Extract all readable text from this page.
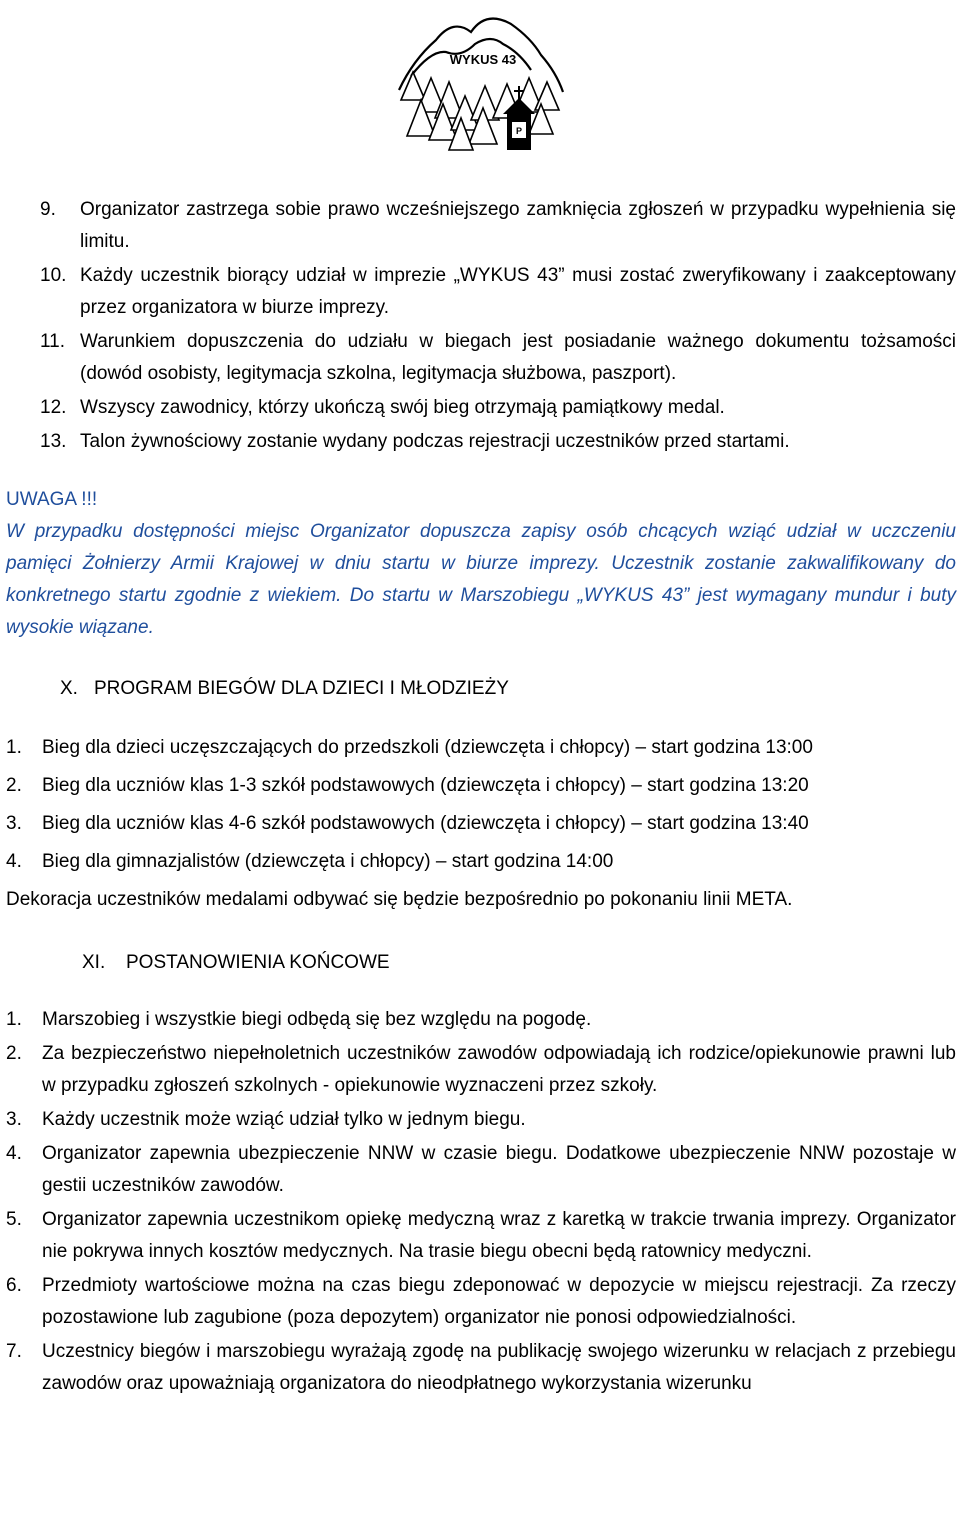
P
WYKUS 43
9. Organizator zastrzega sobie prawo wcześniejszego zamknięcia zgłoszeń w przypadku wypełnienia się limitu.
10. Każdy uczestnik biorący udział w imprezie „WYKUS 43” musi zostać zweryfikowany i zaakceptowany przez organizatora w biurze imprezy.
11. Warunkiem dopuszczenia do udziału w biegach jest posiadanie ważnego dokumentu tożsamości (dowód osobisty, legitymacja szkolna, legitymacja służbowa, paszport).
12. Wszyscy zawodnicy, którzy ukończą swój bieg otrzymają pamiątkowy medal.
13. Talon żywnościowy zostanie wydany podczas rejestracji uczestników przed startami.
UWAGA !!!
W przypadku dostępności miejsc Organizator dopuszcza zapisy osób chcących wziąć udział w uczczeniu pamięci Żołnierzy Armii Krajowej w dniu startu w biurze imprezy. Uczestnik zostanie zakwalifikowany do konkretnego startu zgodnie z wiekiem. Do startu w Marszobiegu „WYKUS 43” jest wymagany mundur i buty wysokie wiązane.
X. PROGRAM BIEGÓW DLA DZIECI I MŁODZIEŻY
1. Bieg dla dzieci uczęszczających do przedszkoli (dziewczęta i chłopcy) – start godzina 13:00
2. Bieg dla uczniów klas 1-3 szkół podstawowych (dziewczęta i chłopcy) – start godzina 13:20
3. Bieg dla uczniów klas 4-6 szkół podstawowych (dziewczęta i chłopcy) – start godzina 13:40
4. Bieg dla gimnazjalistów (dziewczęta i chłopcy) – start godzina 14:00
Dekoracja uczestników medalami odbywać się będzie bezpośrednio po pokonaniu linii META.
XI. POSTANOWIENIA KOŃCOWE
1. Marszobieg i wszystkie biegi odbędą się bez względu na pogodę.
2. Za bezpieczeństwo niepełnoletnich uczestników zawodów odpowiadają ich rodzice/opiekunowie prawni lub w przypadku zgłoszeń szkolnych - opiekunowie wyznaczeni przez szkoły.
3. Każdy uczestnik może wziąć udział tylko w jednym biegu.
4. Organizator zapewnia ubezpieczenie NNW w czasie biegu. Dodatkowe ubezpieczenie NNW pozostaje w gestii uczestników zawodów.
5. Organizator zapewnia uczestnikom opiekę medyczną wraz z karetką w trakcie trwania imprezy. Organizator nie pokrywa innych kosztów medycznych. Na trasie biegu obecni będą ratownicy medyczni.
6. Przedmioty wartościowe można na czas biegu zdeponować w depozycie w miejscu rejestracji. Za rzeczy pozostawione lub zagubione (poza depozytem) organizator nie ponosi odpowiedzialności.
7. Uczestnicy biegów i marszobiegu wyrażają zgodę na publikację swojego wizerunku w relacjach z przebiegu zawodów oraz upoważniają organizatora do nieodpłatnego wykorzystania wizerunku
